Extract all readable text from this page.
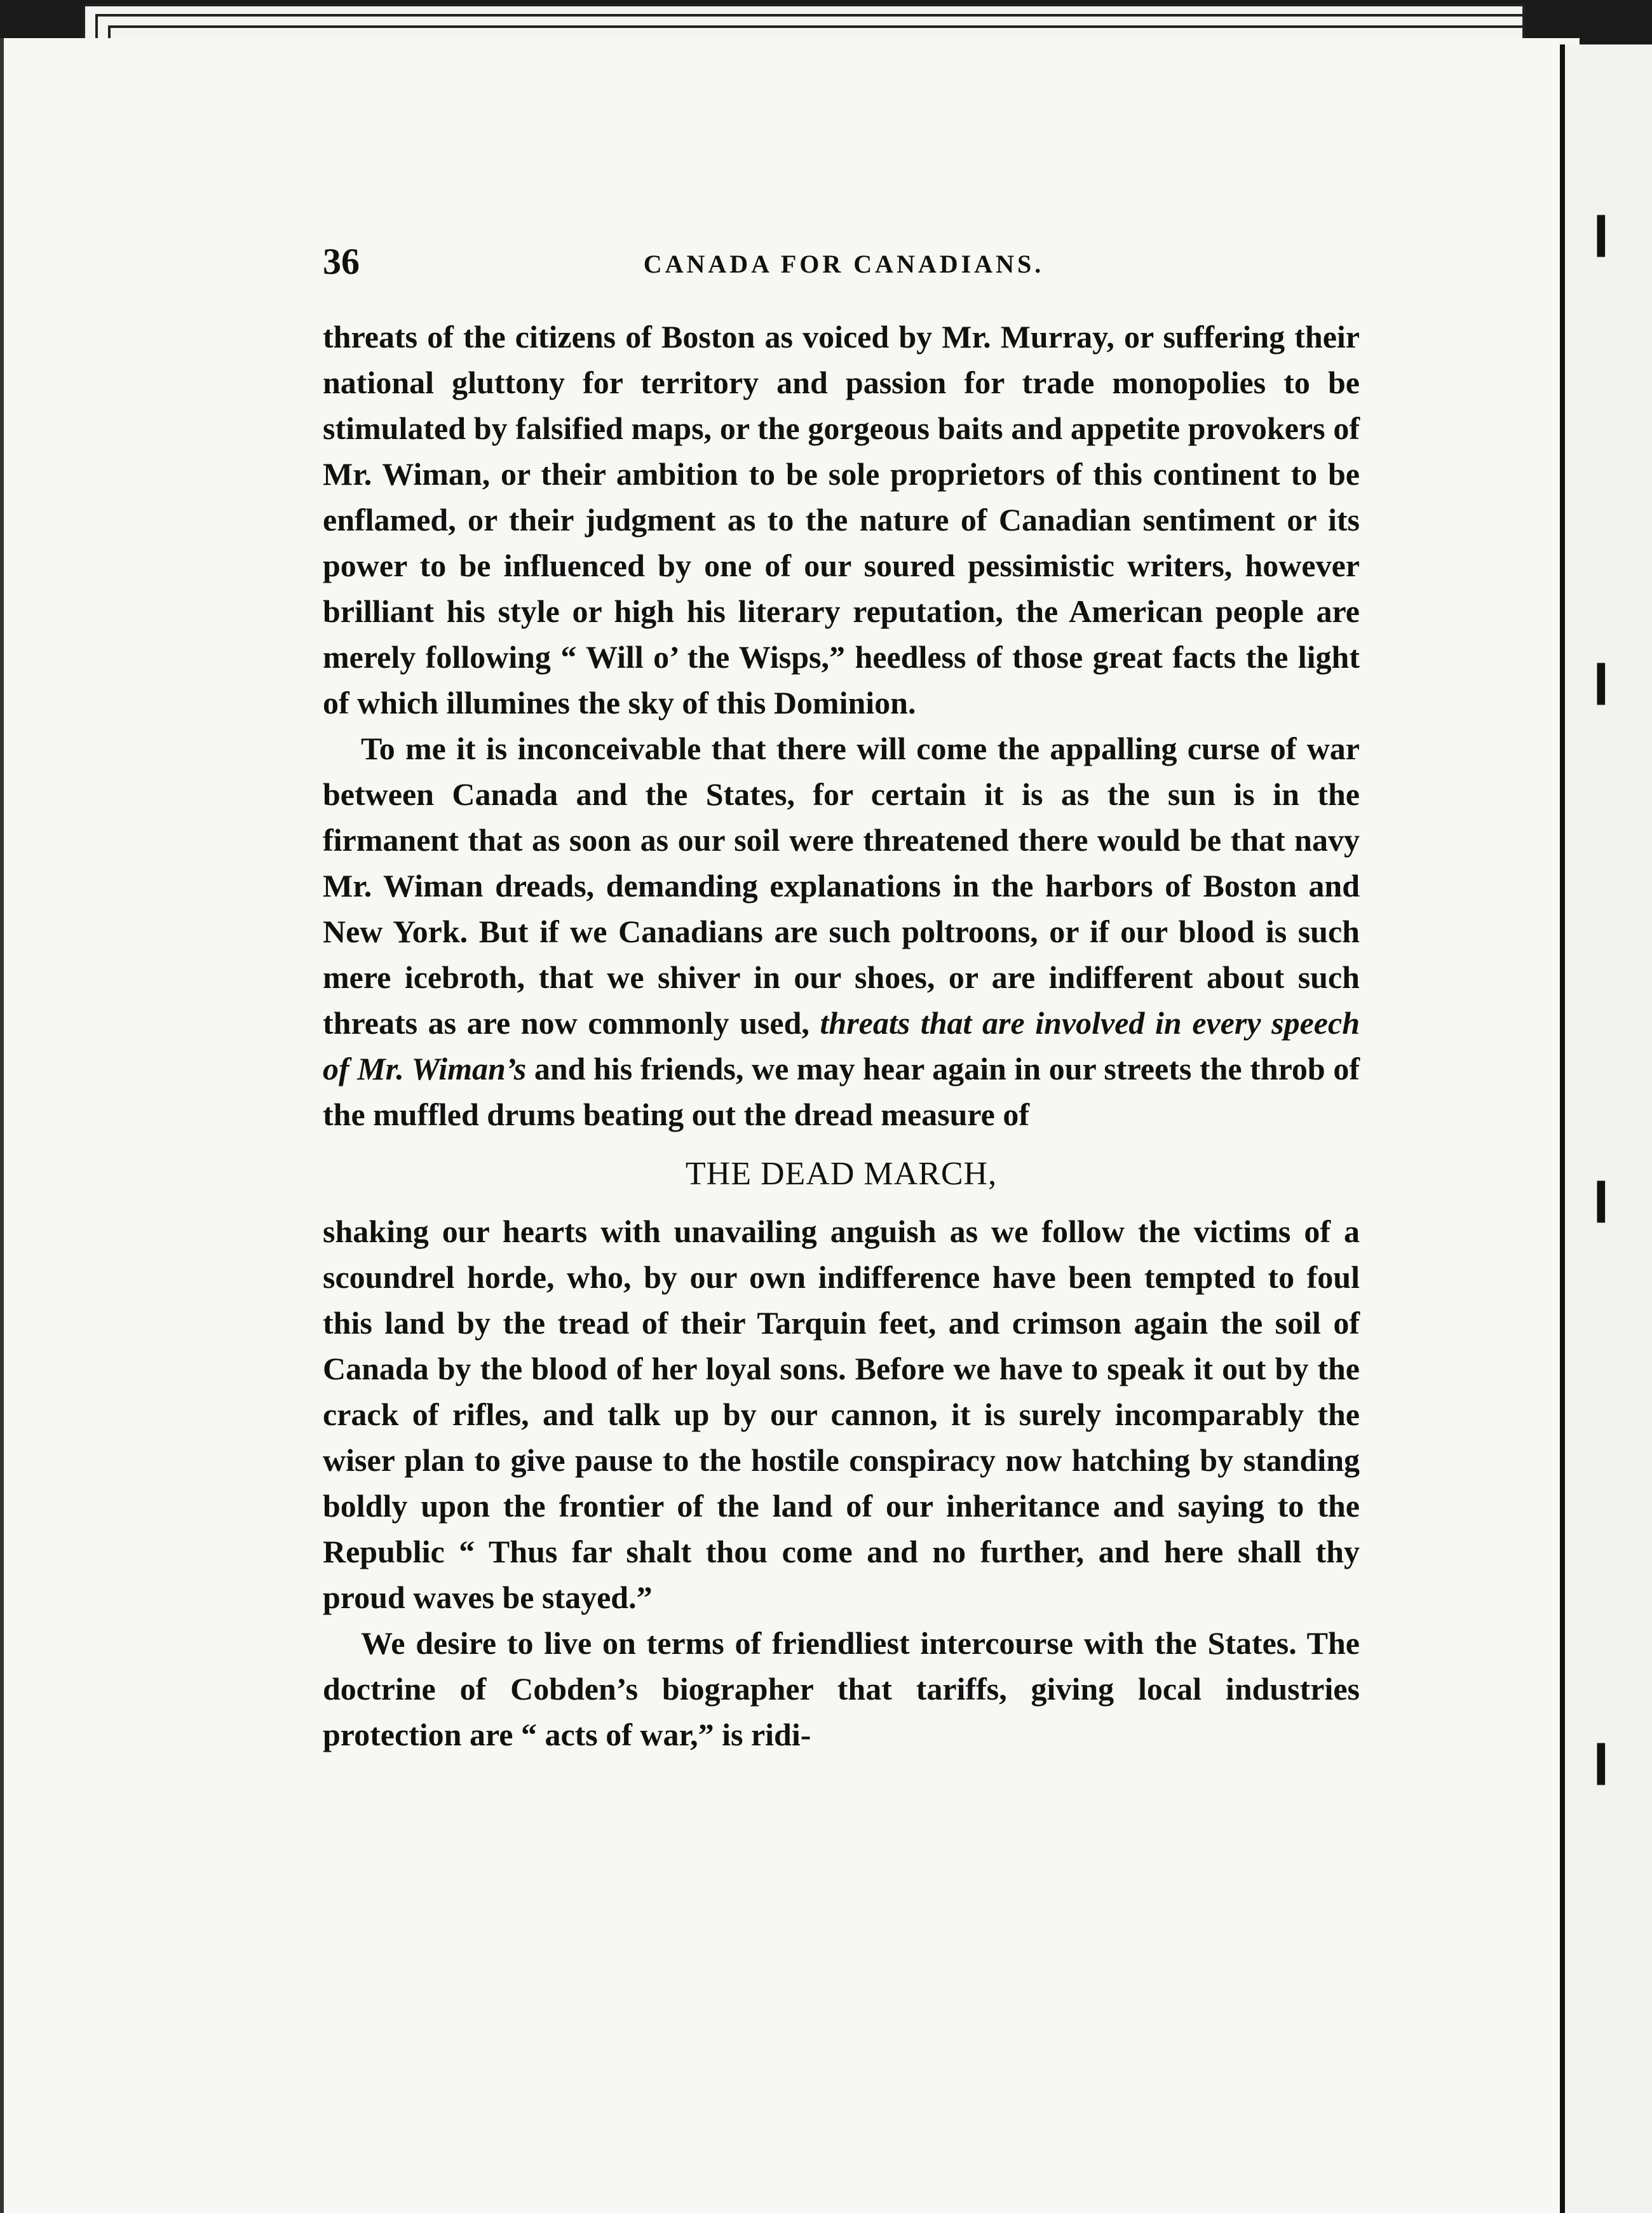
❙
❙
❙
❙
36	CANADA FOR CANADIANS.

threats of the citizens of Boston as voiced by Mr. Murray, or suffering their national gluttony for territory and passion for trade monopolies to be stimulated by falsified maps, or the gorgeous baits and appetite provokers of Mr. Wiman, or their ambition to be sole proprietors of this continent to be enflamed, or their judgment as to the nature of Canadian sentiment or its power to be influenced by one of our soured pessimistic writers, however brilliant his style or high his literary reputation, the American people are merely following “ Will o’ the Wisps,” heedless of those great facts the light of which illumines the sky of this Dominion.

To me it is inconceivable that there will come the appalling curse of war between Canada and the States, for certain it is as the sun is in the firmanent that as soon as our soil were threatened there would be that navy Mr. Wiman dreads, demanding explanations in the harbors of Boston and New York. But if we Canadians are such poltroons, or if our blood is such mere icebroth, that we shiver in our shoes, or are indifferent about such threats as are now commonly used, threats that are involved in every speech of Mr. Wiman’s and his friends, we may hear again in our streets the throb of the muffled drums beating out the dread measure of

THE DEAD MARCH,

shaking our hearts with unavailing anguish as we follow the victims of a scoundrel horde, who, by our own indifference have been tempted to foul this land by the tread of their Tarquin feet, and crimson again the soil of Canada by the blood of her loyal sons. Before we have to speak it out by the crack of rifles, and talk up by our cannon, it is surely incomparably the wiser plan to give pause to the hostile conspiracy now hatching by standing boldly upon the frontier of the land of our inheritance and saying to the Republic “ Thus far shalt thou come and no further, and here shall thy proud waves be stayed.”

We desire to live on terms of friendliest intercourse with the States. The doctrine of Cobden’s biographer that tariffs, giving local industries protection are “ acts of war,” is ridi-
